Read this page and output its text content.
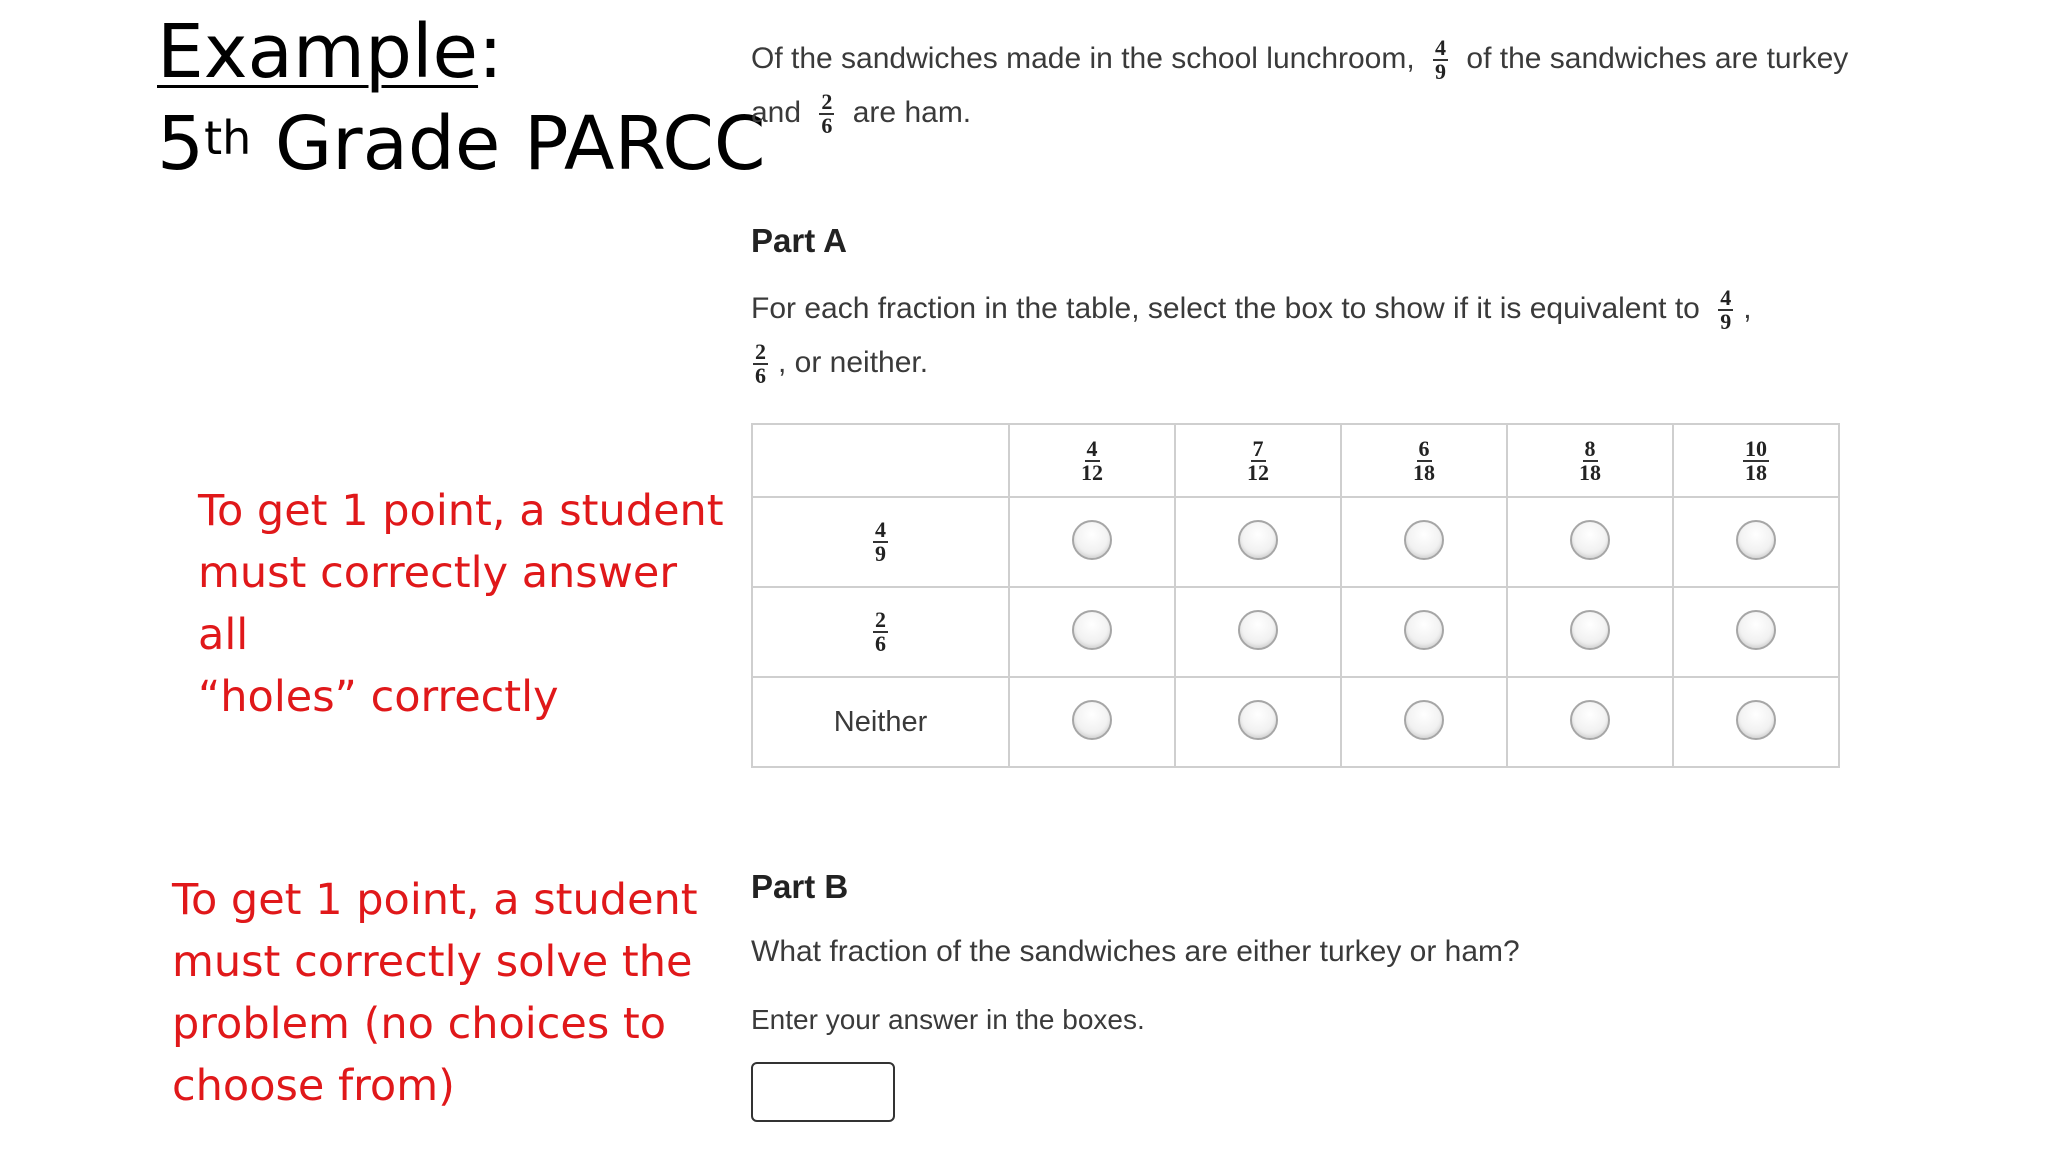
Example:
5th Grade PARCC
To get 1 point, a student
must correctly answer all
“holes” correctly
To get 1 point, a student
must correctly solve the
problem (no choices to
choose from)
Of the sandwiches made in the school lunchroom, $\frac{4}{9}$ of the sandwiches are turkey and $\frac{2}{6}$ are ham.
Part A
For each fraction in the table, select the box to show if it is equivalent to $\frac{4}{9}$ ,

$\frac{2}{6}$ , or neither.

	$\frac{4}{12}$	$\frac{7}{12}$	$\frac{6}{18}$	$\frac{8}{18}$	$\frac{10}{18}$

$\frac{4}{9}$

$\frac{2}{6}$

Neither					
Part B
What fraction of the sandwiches are either turkey or ham?
Enter your answer in the boxes.
